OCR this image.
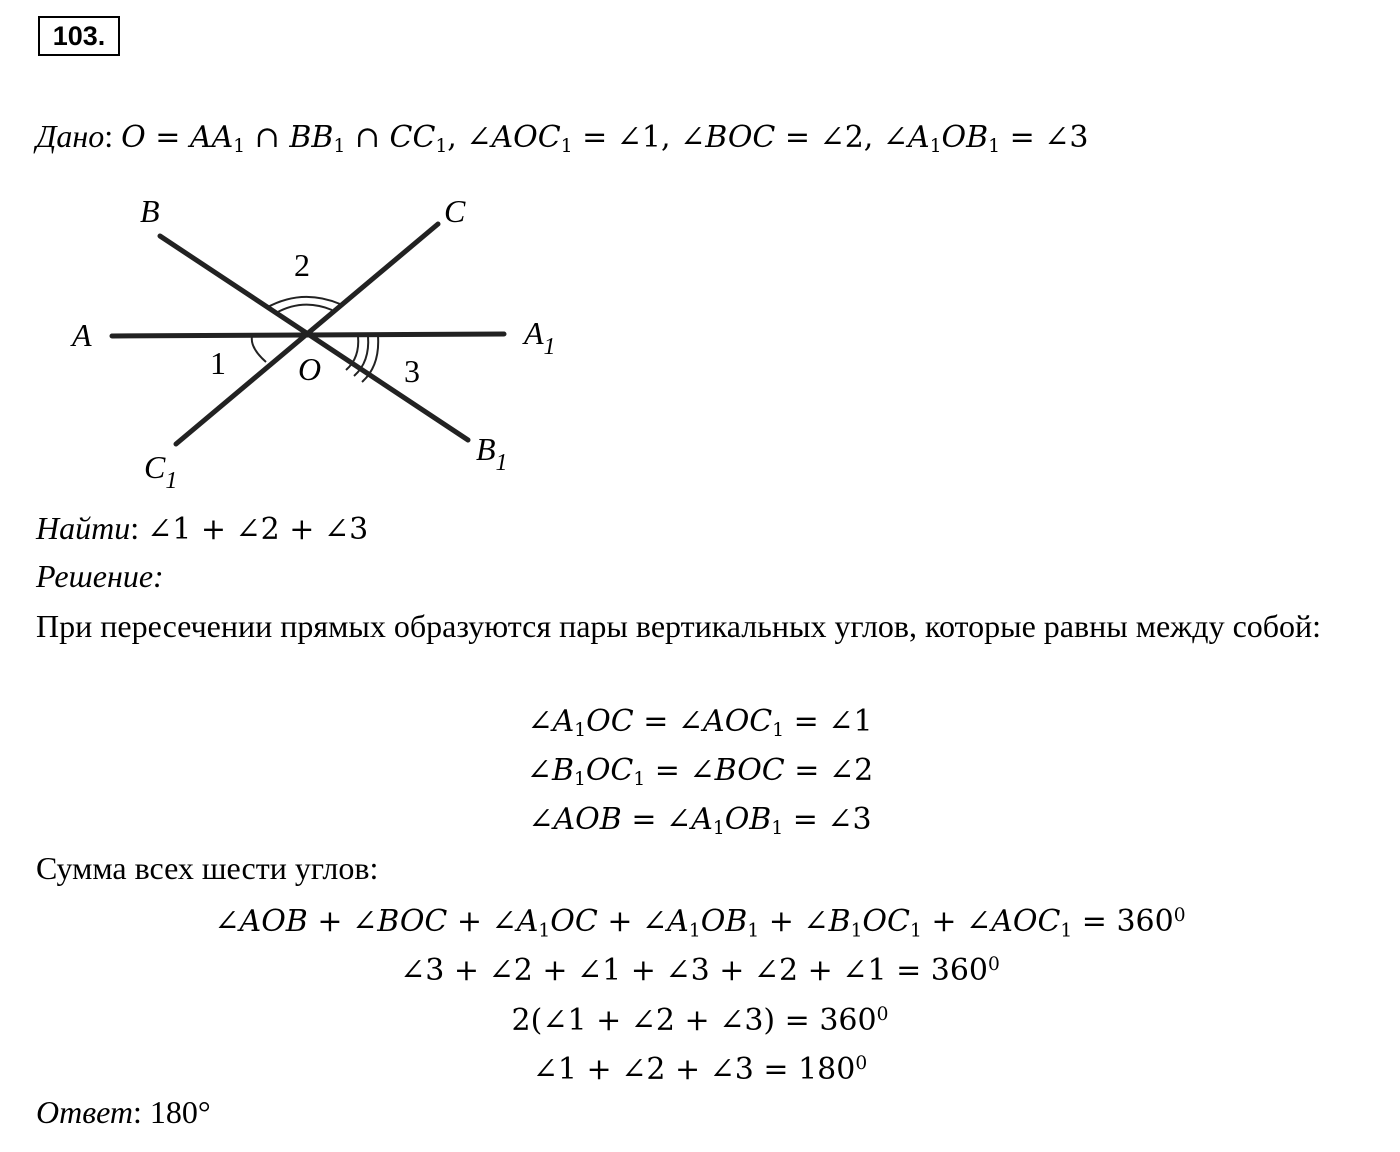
103.
Дано: $O = AA_1$ ∩ $BB_1$ ∩ $CC_1$, $\angle AOC_1$ = ∠1, ∠BOC = ∠2, $\angle A_1OB_1$ = ∠3
A	$A_1$
B
$B_1$
C
$C_1$
O
2
1	3
Найти: ∠1 + ∠2 + ∠3
Решение:
При пересечении прямых образуются пары вертикальных углов, которые равны между собой:
$\angle A_1OC$ = $\angle AOC_1$ = ∠1
$\angle B_1OC_1$ = ∠BOC = ∠2
∠AOB = $\angle A_1OB_1$ = ∠3
Сумма всех шести углов:
∠AOB + ∠BOC + $\angle A_1OC$ + $\angle A_1OB_1$ + $\angle B_1OC_1$ + $\angle AOC_1 = 360^0$
∠3 + ∠2 + ∠1 + ∠3 + ∠2 + ∠1 = $360^0$
2(∠1 + ∠2 + ∠3) = $360^0$
∠1 + ∠2 + ∠3 = $180^0$
Ответ: 180°
